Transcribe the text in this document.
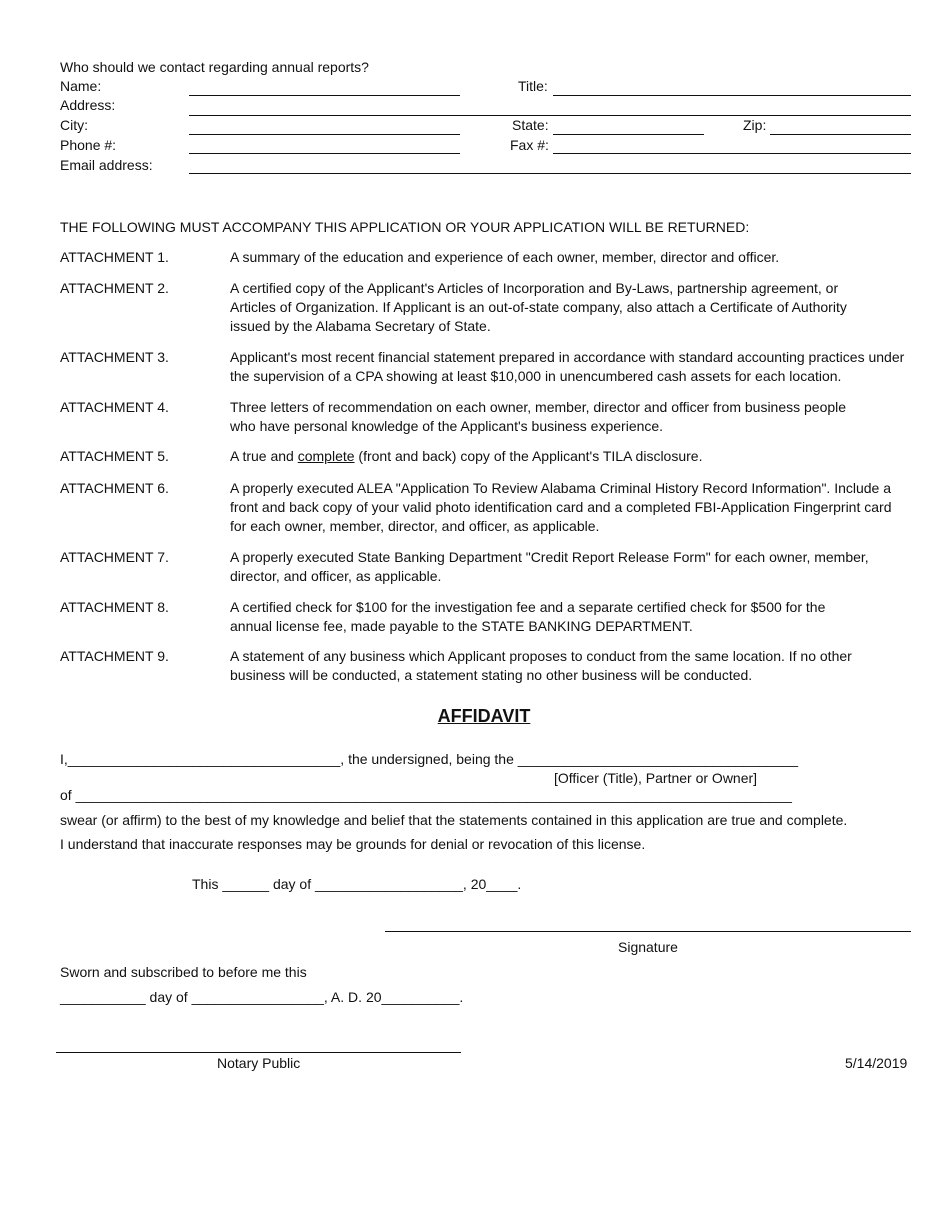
Who should we contact regarding annual reports?
Name:	Title:
Address:
City:	State:	Zip:
Phone #:	Fax #:
Email address:
THE FOLLOWING MUST ACCOMPANY THIS APPLICATION OR YOUR APPLICATION WILL BE RETURNED:
ATTACHMENT 1.	A summary of the education and experience of each owner, member, director and officer.
ATTACHMENT 2.	A certified copy of the Applicant's Articles of Incorporation and By-Laws, partnership agreement, or
Articles of Organization. If Applicant is an out-of-state company, also attach a Certificate of Authority
issued by the Alabama Secretary of State.
ATTACHMENT 3.	Applicant's most recent financial statement prepared in accordance with standard accounting practices under
the supervision of a CPA showing at least $10,000 in unencumbered cash assets for each location.
ATTACHMENT 4.	Three letters of recommendation on each owner, member, director and officer from business people
who have personal knowledge of the Applicant's business experience.
ATTACHMENT 5.	A true and complete (front and back) copy of the Applicant's TILA disclosure.
ATTACHMENT 6.	A properly executed ALEA "Application To Review Alabama Criminal History Record Information". Include a
front and back copy of your valid photo identification card and a completed FBI-Application Fingerprint card
for each owner, member, director, and officer, as applicable.
ATTACHMENT 7.	A properly executed State Banking Department "Credit Report Release Form" for each owner, member,
director, and officer, as applicable.
ATTACHMENT 8.	A certified check for $100 for the investigation fee and a separate certified check for $500 for the
annual license fee, made payable to the STATE BANKING DEPARTMENT.
ATTACHMENT 9.	A statement of any business which Applicant proposes to conduct from the same location. If no other
business will be conducted, a statement stating no other business will be conducted.
AFFIDAVIT
I,___________________________________, the undersigned, being the ____________________________________
[Officer (Title), Partner or Owner]
of ____________________________________________________________________________________________
swear (or affirm) to the best of my knowledge and belief that the statements contained in this application are true and complete.
I understand that inaccurate responses may be grounds for denial or revocation of this license.
This ______ day of ___________________, 20____.
Signature
Sworn and subscribed to before me this
___________ day of _________________, A. D. 20__________.
Notary Public	5/14/2019
